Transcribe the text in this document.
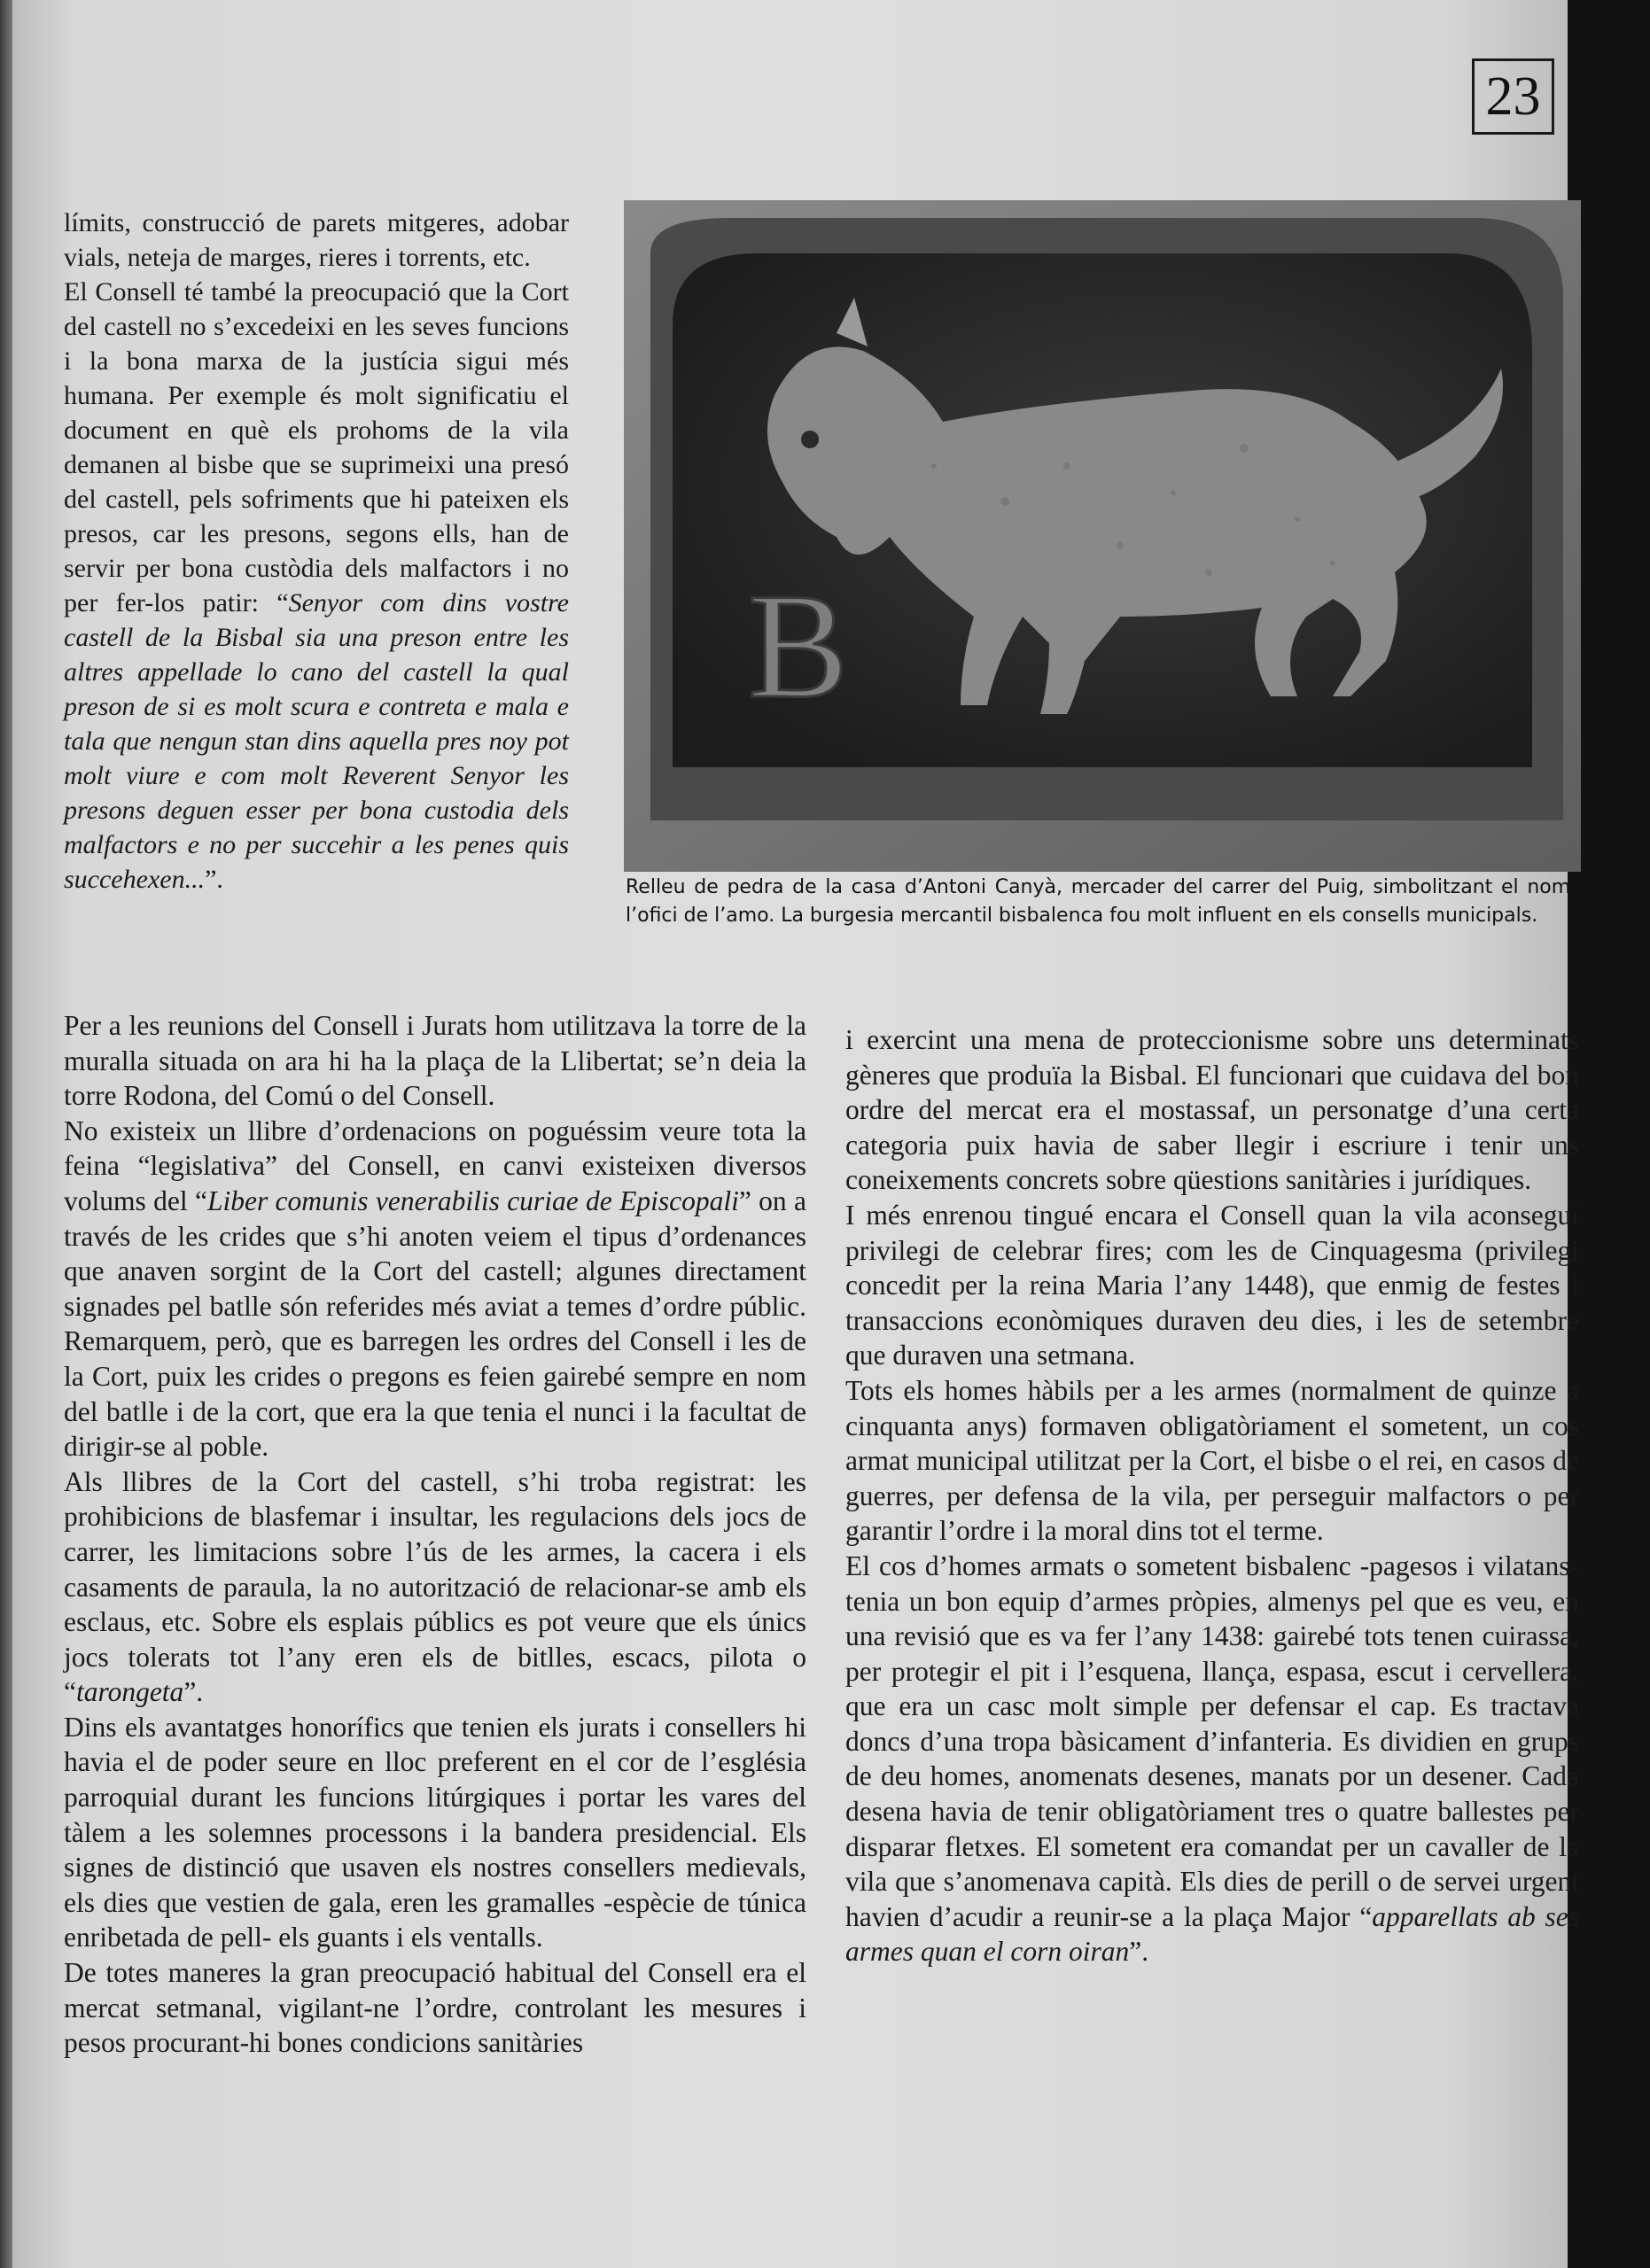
23

límits, construcció de parets mitgeres, adobar vials, neteja de marges, rieres i torrents, etc.

El Consell té també la preocupació que la Cort del castell no s’excedeixi en les seves funcions i la bona marxa de la justícia sigui més humana. Per exemple és molt significatiu el document en què els prohoms de la vila demanen al bisbe que se suprimeixi una presó del castell, pels sofriments que hi pateixen els presos, car les presons, segons ells, han de servir per bona custòdia dels malfactors i no per fer-los patir: “Senyor com dins vostre castell de la Bisbal sia una preson entre les altres appellade lo cano del castell la qual preson de si es molt scura e contreta e mala e tala que nengun stan dins aquella pres noy pot molt viure e com molt Reverent Senyor les presons deguen esser per bona custodia dels malfactors e no per succehir a les penes quis succehexen...”.

B
Relleu de pedra de la casa d’Antoni Canyà, mercader del carrer del Puig, simbolitzant el nom i l’ofici de l’amo. La burgesia mercantil bisbalenca fou molt influent en els consells municipals.

Per a les reunions del Consell i Jurats hom utilitzava la torre de la muralla situada on ara hi ha la plaça de la Llibertat; se’n deia la torre Rodona, del Comú o del Consell.

No existeix un llibre d’ordenacions on poguéssim veure tota la feina “legislativa” del Consell, en canvi existeixen diversos volums del “Liber comunis venerabilis curiae de Episcopali” on a través de les crides que s’hi anoten veiem el tipus d’ordenances que anaven sorgint de la Cort del castell; algunes directament signades pel batlle són referides més aviat a temes d’ordre públic. Remarquem, però, que es barregen les ordres del Consell i les de la Cort, puix les crides o pregons es feien gairebé sempre en nom del batlle i de la cort, que era la que tenia el nunci i la facultat de dirigir-se al poble.

Als llibres de la Cort del castell, s’hi troba registrat: les prohibicions de blasfemar i insultar, les regulacions dels jocs de carrer, les limitacions sobre l’ús de les armes, la cacera i els casaments de paraula, la no autorització de relacionar-se amb els esclaus, etc. Sobre els esplais públics es pot veure que els únics jocs tolerats tot l’any eren els de bitlles, escacs, pilota o “tarongeta”.

Dins els avantatges honorífics que tenien els jurats i consellers hi havia el de poder seure en lloc preferent en el cor de l’església parroquial durant les funcions litúrgiques i portar les vares del tàlem a les solemnes processons i la bandera presidencial. Els signes de distinció que usaven els nostres consellers medievals, els dies que vestien de gala, eren les gramalles -espècie de túnica enribetada de pell- els guants i els ventalls.

De totes maneres la gran preocupació habitual del Consell era el mercat setmanal, vigilant-ne l’ordre, controlant les mesures i pesos procurant-hi bones condicions sanitàries

i exercint una mena de proteccionisme sobre uns determinats gèneres que produïa la Bisbal. El funcionari que cuidava del bon ordre del mercat era el mostassaf, un personatge d’una certa categoria puix havia de saber llegir i escriure i tenir uns coneixements concrets sobre qüestions sanitàries i jurídiques.

I més enrenou tingué encara el Consell quan la vila aconseguí privilegi de celebrar fires; com les de Cinquagesma (privilegi concedit per la reina Maria l’any 1448), que enmig de festes i transaccions econòmiques duraven deu dies, i les de setembre que duraven una setmana.

Tots els homes hàbils per a les armes (normalment de quinze a cinquanta anys) formaven obligatòriament el sometent, un cos armat municipal utilitzat per la Cort, el bisbe o el rei, en casos de guerres, per defensa de la vila, per perseguir malfactors o per garantir l’ordre i la moral dins tot el terme.

El cos d’homes armats o sometent bisbalenc -pagesos i vilatans- tenia un bon equip d’armes pròpies, almenys pel que es veu, en una revisió que es va fer l’any 1438: gairebé tots tenen cuirassa, per protegir el pit i l’esquena, llança, espasa, escut i cervellera, que era un casc molt simple per defensar el cap. Es tractava doncs d’una tropa bàsicament d’infanteria. Es dividien en grups de deu homes, anomenats desenes, manats por un desener. Cada desena havia de tenir obligatòriament tres o quatre ballestes per disparar fletxes. El sometent era comandat per un cavaller de la vila que s’anomenava capità. Els dies de perill o de servei urgent havien d’acudir a reunir-se a la plaça Major “apparellats ab ses armes quan el corn oiran”.
